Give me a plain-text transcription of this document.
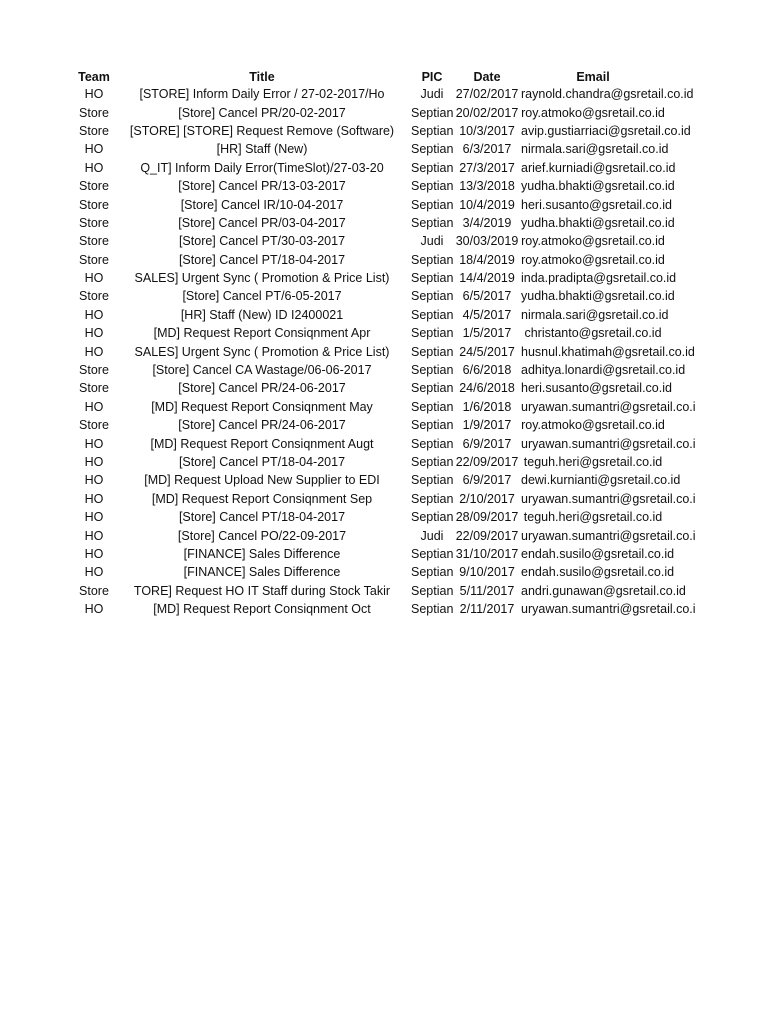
Team	Title	PIC	Date	Email
HO	[STORE] Inform Daily Error / 27-02-2017/Ho	Judi	27/02/2017	raynold.chandra@gsretail.co.id
Store	[Store] Cancel PR/20-02-2017	Septian	20/02/2017	roy.atmoko@gsretail.co.id
Store	[STORE] [STORE] Request Remove (Software)	Septian	10/3/2017	avip.gustiarriaci@gsretail.co.id
HO	[HR] Staff (New)	Septian	6/3/2017	nirmala.sari@gsretail.co.id
HO	Q_IT] Inform Daily Error(TimeSlot)/27-03-20	Septian	27/3/2017	arief.kurniadi@gsretail.co.id
Store	[Store] Cancel PR/13-03-2017	Septian	13/3/2018	yudha.bhakti@gsretail.co.id
Store	[Store] Cancel IR/10-04-2017	Septian	10/4/2019	heri.susanto@gsretail.co.id
Store	[Store] Cancel PR/03-04-2017	Septian	3/4/2019	yudha.bhakti@gsretail.co.id
Store	[Store] Cancel PT/30-03-2017	Judi	30/03/2019	roy.atmoko@gsretail.co.id
Store	[Store] Cancel PT/18-04-2017	Septian	18/4/2019	roy.atmoko@gsretail.co.id
HO	SALES] Urgent Sync ( Promotion & Price List)	Septian	14/4/2019	inda.pradipta@gsretail.co.id
Store	[Store] Cancel PT/6-05-2017	Septian	6/5/2017	yudha.bhakti@gsretail.co.id
HO	[HR] Staff (New) ID I2400021	Septian	4/5/2017	nirmala.sari@gsretail.co.id
HO	[MD] Request Report Consiqnment Apr	Septian	1/5/2017	christanto@gsretail.co.id
HO	SALES] Urgent Sync ( Promotion & Price List)	Septian	24/5/2017	husnul.khatimah@gsretail.co.id
Store	[Store] Cancel CA Wastage/06-06-2017	Septian	6/6/2018	adhitya.lonardi@gsretail.co.id
Store	[Store] Cancel PR/24-06-2017	Septian	24/6/2018	heri.susanto@gsretail.co.id
HO	[MD] Request Report Consiqnment May	Septian	1/6/2018	uryawan.sumantri@gsretail.co.i
Store	[Store] Cancel PR/24-06-2017	Septian	1/9/2017	roy.atmoko@gsretail.co.id
HO	[MD] Request Report Consiqnment Augt	Septian	6/9/2017	uryawan.sumantri@gsretail.co.i
HO	[Store] Cancel PT/18-04-2017	Septian	22/09/2017	teguh.heri@gsretail.co.id
HO	[MD] Request Upload New Supplier to EDI	Septian	6/9/2017	dewi.kurnianti@gsretail.co.id
HO	[MD] Request Report Consiqnment Sep	Septian	2/10/2017	uryawan.sumantri@gsretail.co.i
HO	[Store] Cancel PT/18-04-2017	Septian	28/09/2017	teguh.heri@gsretail.co.id
HO	[Store] Cancel PO/22-09-2017	Judi	22/09/2017	uryawan.sumantri@gsretail.co.i
HO	[FINANCE] Sales Difference	Septian	31/10/2017	endah.susilo@gsretail.co.id
HO	[FINANCE] Sales Difference	Septian	9/10/2017	endah.susilo@gsretail.co.id
Store	TORE] Request HO IT Staff during Stock Takir	Septian	5/11/2017	andri.gunawan@gsretail.co.id
HO	[MD] Request Report Consiqnment Oct	Septian	2/11/2017	uryawan.sumantri@gsretail.co.i
